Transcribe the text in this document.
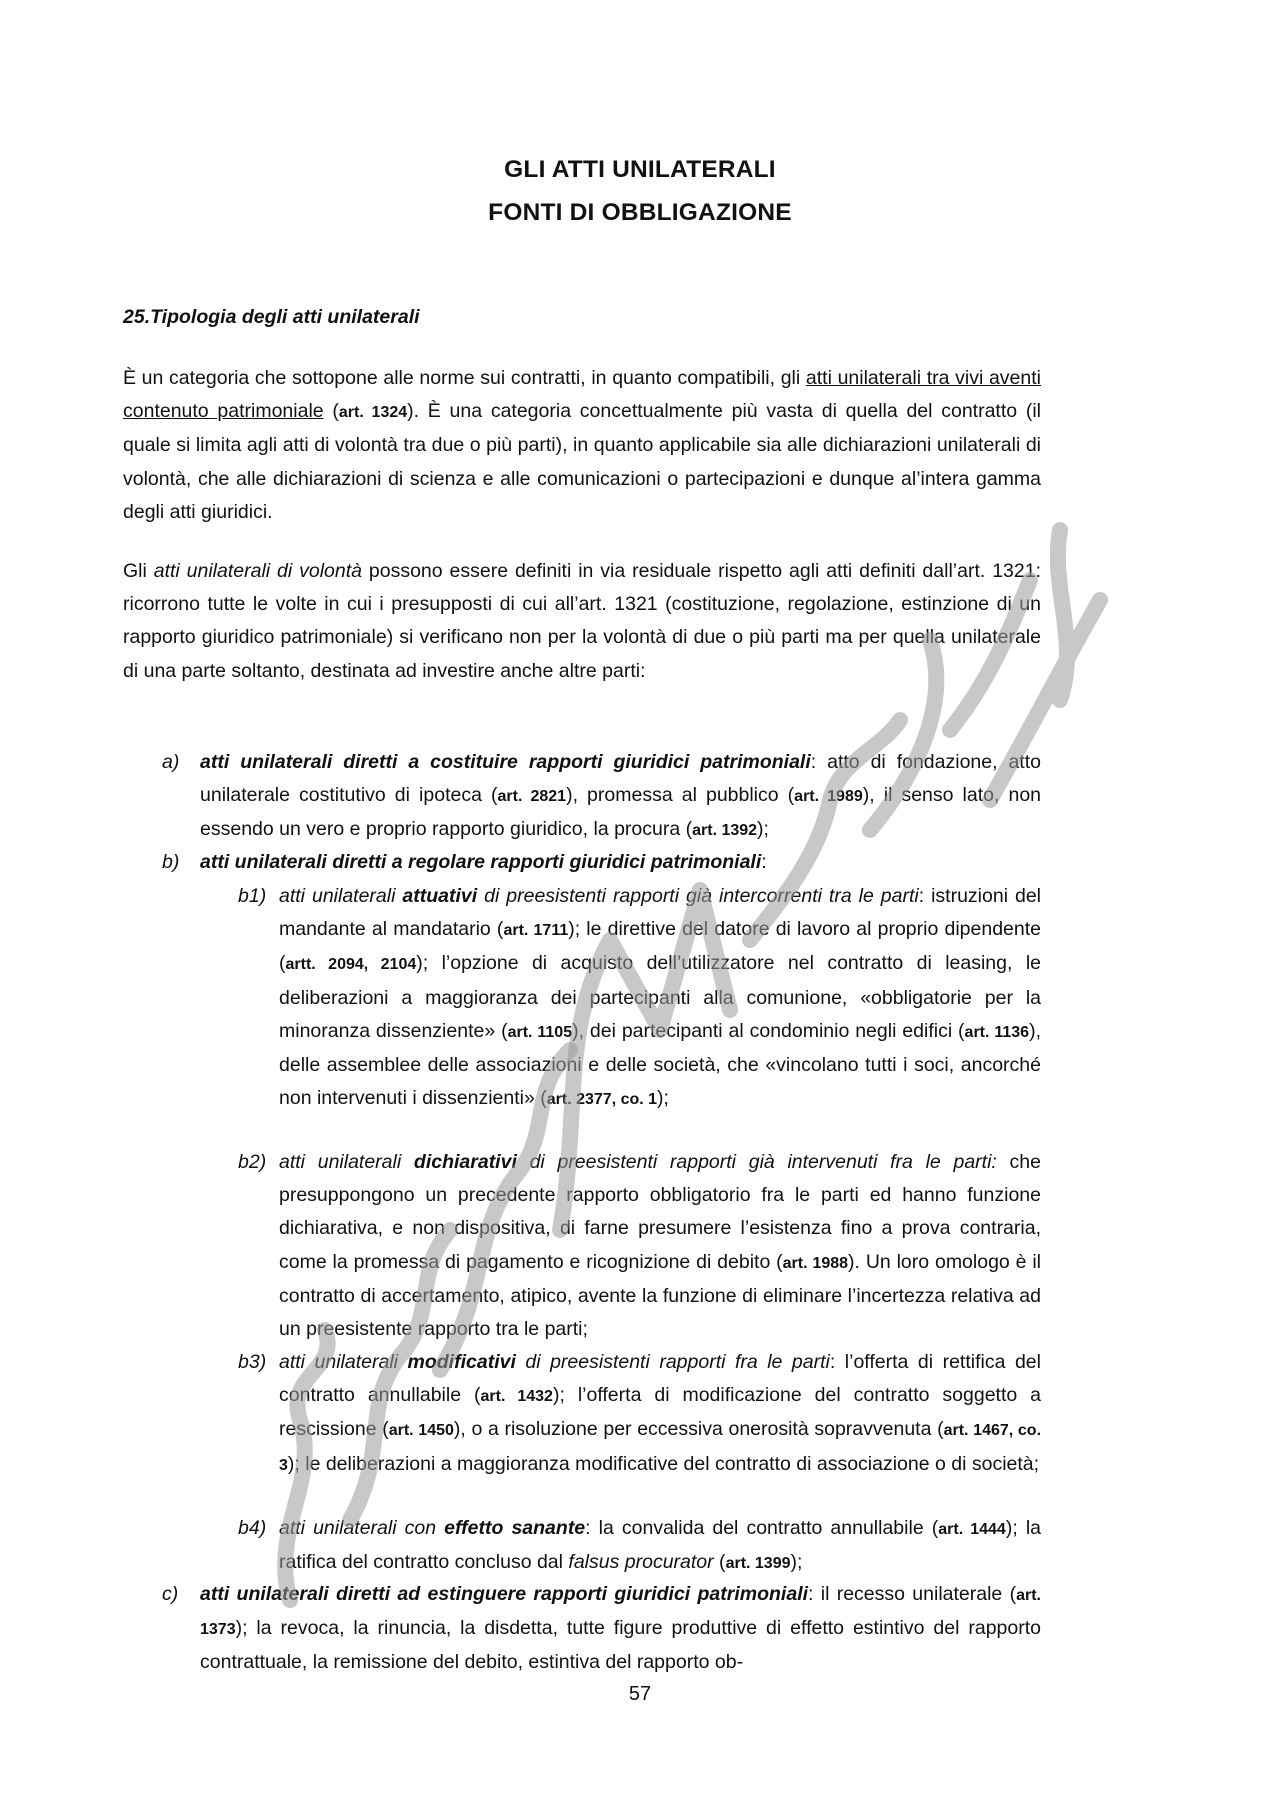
GLI ATTI UNILATERALI
FONTI DI OBBLIGAZIONE
25.Tipologia degli atti unilaterali
È un categoria che sottopone alle norme sui contratti, in quanto compatibili, gli atti unilaterali tra vivi aventi contenuto patrimoniale (art. 1324). È una categoria concettualmente più vasta di quella del contratto (il quale si limita agli atti di volontà tra due o più parti), in quanto applicabile sia alle dichiarazioni unilaterali di volontà, che alle dichiarazioni di scienza e alle comunicazioni o partecipazioni e dunque al’intera gamma degli atti giuridici.
Gli atti unilaterali di volontà possono essere definiti in via residuale rispetto agli atti definiti dall’art. 1321: ricorrono tutte le volte in cui i presupposti di cui all’art. 1321 (costituzione, regolazione, estinzione di un rapporto giuridico patrimoniale) si verificano non per la volontà di due o più parti ma per quella unilaterale di una parte soltanto, destinata ad investire anche altre parti:
a) atti unilaterali diretti a costituire rapporti giuridici patrimoniali: atto di fondazione, atto unilaterale costitutivo di ipoteca (art. 2821), promessa al pubblico (art. 1989), il senso lato, non essendo un vero e proprio rapporto giuridico, la procura (art. 1392);
b) atti unilaterali diretti a regolare rapporti giuridici patrimoniali:
b1) atti unilaterali attuativi di preesistenti rapporti già intercorrenti tra le parti: istruzioni del mandante al mandatario (art. 1711); le direttive del datore di lavoro al proprio dipendente (artt. 2094, 2104); l’opzione di acquisto dell’utilizzatore nel contratto di leasing, le deliberazioni a maggioranza dei partecipanti alla comunione, «obbligatorie per la minoranza dissenziente» (art. 1105), dei partecipanti al condominio negli edifici (art. 1136), delle assemblee delle associazioni e delle società, che «vincolano tutti i soci, ancorché non intervenuti i dissenzienti» (art. 2377, co. 1);
b2) atti unilaterali dichiarativi di preesistenti rapporti già intervenuti fra le parti: che presuppongono un precedente rapporto obbligatorio fra le parti ed hanno funzione dichiarativa, e non dispositiva, di farne presumere l’esistenza fino a prova contraria, come la promessa di pagamento e ricognizione di debito (art. 1988). Un loro omologo è il contratto di accertamento, atipico, avente la funzione di eliminare l’incertezza relativa ad un preesistente rapporto tra le parti;
b3) atti unilaterali modificativi di preesistenti rapporti fra le parti: l’offerta di rettifica del contratto annullabile (art. 1432); l’offerta di modificazione del contratto soggetto a rescissione (art. 1450), o a risoluzione per eccessiva onerosità sopravvenuta (art. 1467, co. 3); le deliberazioni a maggioranza modificative del contratto di associazione o di società;
b4) atti unilaterali con effetto sanante: la convalida del contratto annullabile (art. 1444); la ratifica del contratto concluso dal falsus procurator (art. 1399);
c) atti unilaterali diretti ad estinguere rapporti giuridici patrimoniali: il recesso unilaterale (art. 1373); la revoca, la rinuncia, la disdetta, tutte figure produttive di effetto estintivo del rapporto contrattuale, la remissione del debito, estintiva del rapporto ob-
57
